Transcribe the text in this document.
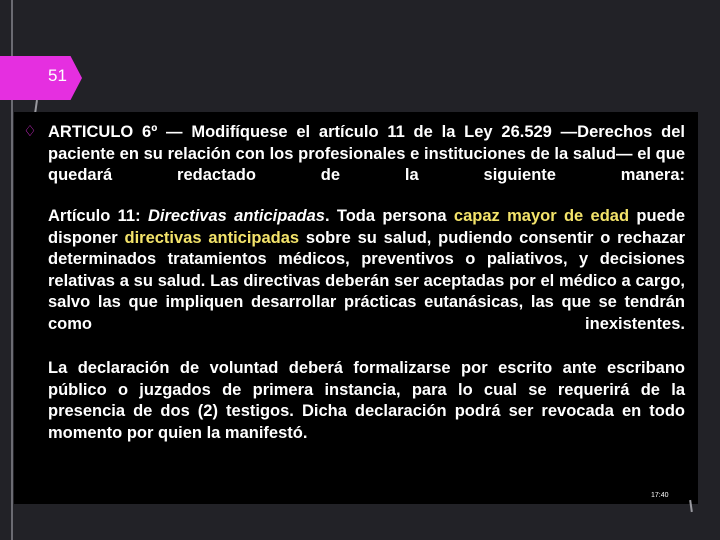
51
♢ ARTICULO 6º — Modifíquese el artículo 11 de la Ley 26.529 —Derechos del paciente en su relación con los profesionales e instituciones de la salud— el que quedará redactado de la siguiente manera:

Artículo 11: Directivas anticipadas. Toda persona capaz mayor de edad puede disponer directivas anticipadas sobre su salud, pudiendo consentir o rechazar determinados tratamientos médicos, preventivos o paliativos, y decisiones relativas a su salud. Las directivas deberán ser aceptadas por el médico a cargo, salvo las que impliquen desarrollar prácticas eutanásicas, las que se tendrán como inexistentes.

La declaración de voluntad deberá formalizarse por escrito ante escribano público o juzgados de primera instancia, para lo cual se requerirá de la presencia de dos (2) testigos. Dicha declaración podrá ser revocada en todo momento por quien la manifestó.

17:40
